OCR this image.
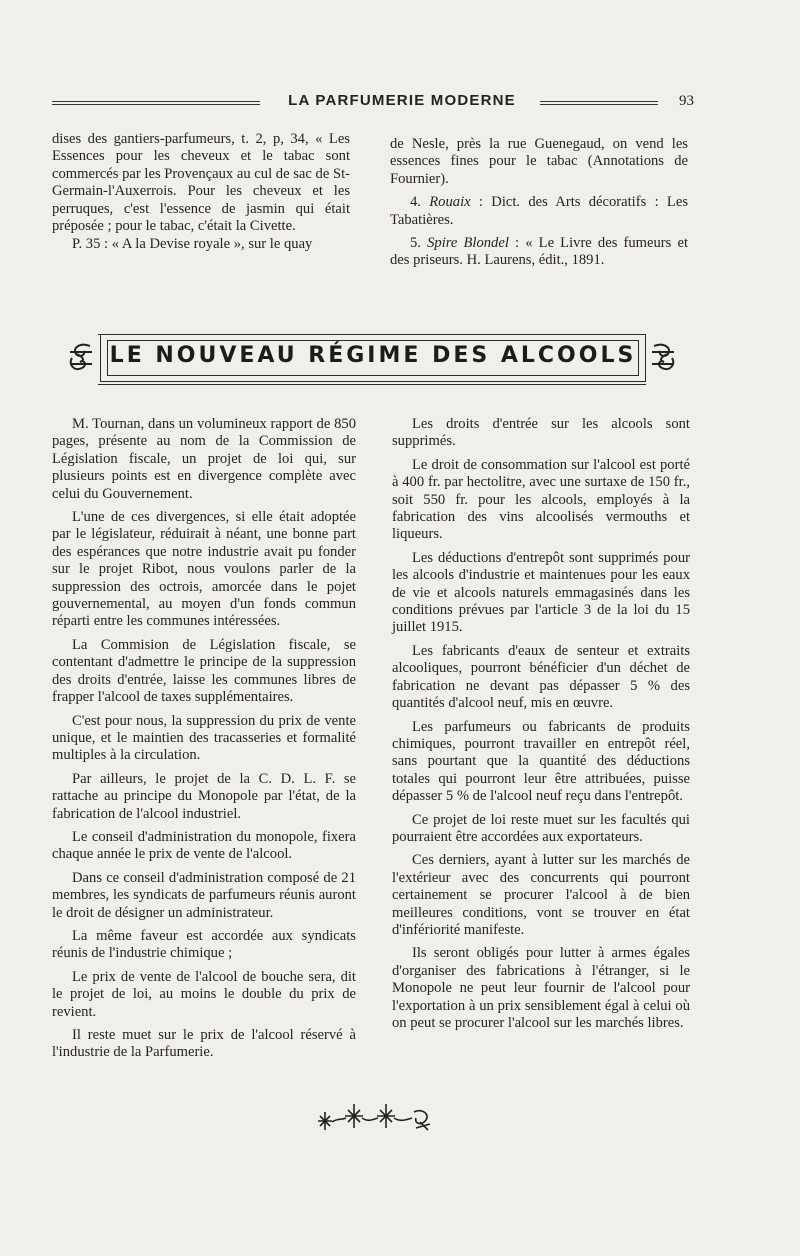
LA PARFUMERIE MODERNE	93

dises des gantiers-parfumeurs, t. 2, p, 34, « Les Essences pour les cheveux et le tabac sont commercés par les Provençaux au cul de sac de St-Germain-l'Auxerrois. Pour les cheveux et les perruques, c'est l'essence de jasmin qui était préposée ; pour le tabac, c'était la Civette.

P. 35 : « A la Devise royale », sur le quay

de Nesle, près la rue Guenegaud, on vend les essences fines pour le tabac (Annotations de Fournier).

4. Rouaix : Dict. des Arts décoratifs : Les Tabatières.

5. Spire Blondel : « Le Livre des fumeurs et des priseurs. H. Laurens, édit., 1891.

LE NOUVEAU RÉGIME DES ALCOOLS

M. Tournan, dans un volumineux rapport de 850 pages, présente au nom de la Commission de Législation fiscale, un projet de loi qui, sur plusieurs points est en divergence complète avec celui du Gouvernement.

L'une de ces divergences, si elle était adoptée par le législateur, réduirait à néant, une bonne part des espérances que notre industrie avait pu fonder sur le projet Ribot, nous voulons parler de la suppression des octrois, amorcée dans le pojet gouvernemental, au moyen d'un fonds commun réparti entre les communes intéressées.

La Commision de Législation fiscale, se contentant d'admettre le principe de la suppression des droits d'entrée, laisse les communes libres de frapper l'alcool de taxes supplémentaires.

C'est pour nous, la suppression du prix de vente unique, et le maintien des tracasseries et formalité multiples à la circulation.

Par ailleurs, le projet de la C. D. L. F. se rattache au principe du Monopole par l'état, de la fabrication de l'alcool industriel.

Le conseil d'administration du monopole, fixera chaque année le prix de vente de l'alcool.

Dans ce conseil d'administration composé de 21 membres, les syndicats de parfumeurs réunis auront le droit de désigner un administrateur.

La même faveur est accordée aux syndicats réunis de l'industrie chimique ;

Le prix de vente de l'alcool de bouche sera, dit le projet de loi, au moins le double du prix de revient.

Il reste muet sur le prix de l'alcool réservé à l'industrie de la Parfumerie.

Les droits d'entrée sur les alcools sont supprimés.

Le droit de consommation sur l'alcool est porté à 400 fr. par hectolitre, avec une surtaxe de 150 fr., soit 550 fr. pour les alcools, employés à la fabrication des vins alcoolisés vermouths et liqueurs.

Les déductions d'entrepôt sont supprimés pour les alcools d'industrie et maintenues pour les eaux de vie et alcools naturels emmagasinés dans les conditions prévues par l'article 3 de la loi du 15 juillet 1915.

Les fabricants d'eaux de senteur et extraits alcooliques, pourront bénéficier d'un déchet de fabrication ne devant pas dépasser 5 % des quantités d'alcool neuf, mis en œuvre.

Les parfumeurs ou fabricants de produits chimiques, pourront travailler en entrepôt réel, sans pourtant que la quantité des déductions totales qui pourront leur être attribuées, puisse dépasser 5 % de l'alcool neuf reçu dans l'entrepôt.

Ce projet de loi reste muet sur les facultés qui pourraient être accordées aux exportateurs.

Ces derniers, ayant à lutter sur les marchés de l'extérieur avec des concurrents qui pourront certainement se procurer l'alcool à de bien meilleures conditions, vont se trouver en état d'infériorité manifeste.

Ils seront obligés pour lutter à armes égales d'organiser des fabrications à l'étranger, si le Monopole ne peut leur fournir de l'alcool pour l'exportation à un prix sensiblement égal à celui où on peut se procurer l'alcool sur les marchés libres.
